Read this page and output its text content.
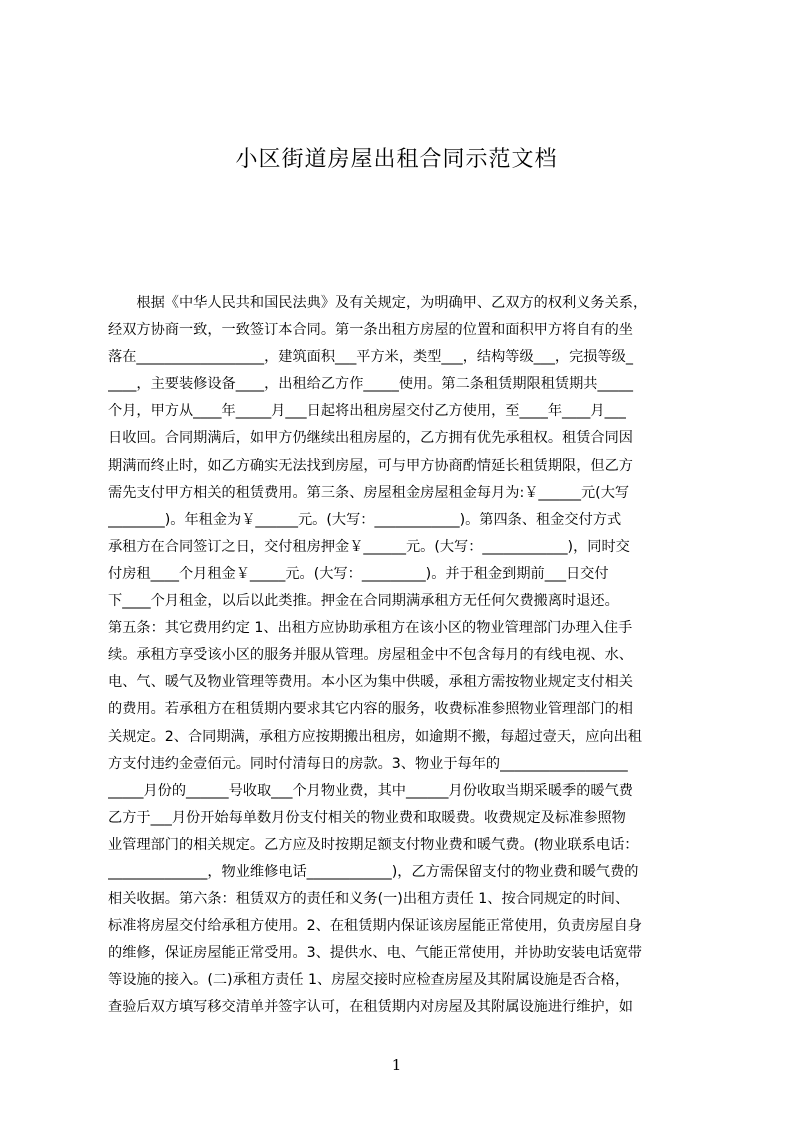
小区街道房屋出租合同示范文档
　　根据《中华人民共和国民法典》及有关规定，为明确甲、乙双方的权利义务关系，
经双方协商一致，一致签订本合同。第一条出租方房屋的位置和面积甲方将自有的坐
落在__________________，建筑面积___平方米，类型___，结构等级___，完损等级_
____，主要装修设备____，出租给乙方作_____使用。第二条租赁期限租赁期共_____
个月，甲方从____年_____月___日起将出租房屋交付乙方使用，至____年____月___
日收回。合同期满后，如甲方仍继续出租房屋的，乙方拥有优先承租权。租赁合同因
期满而终止时，如乙方确实无法找到房屋，可与甲方协商酌情延长租赁期限，但乙方
需先支付甲方相关的租赁费用。第三条、房屋租金房屋租金每月为:￥______元(大写
________)。年租金为￥______元。(大写：____________)。第四条、租金交付方式
承租方在合同签订之日，交付租房押金￥______元。(大写：____________)，同时交
付房租____个月租金￥_____元。(大写：_________)。并于租金到期前___日交付
下____个月租金，以后以此类推。押金在合同期满承租方无任何欠费搬离时退还。
第五条：其它费用约定 1、出租方应协助承租方在该小区的物业管理部门办理入住手
续。承租方享受该小区的服务并服从管理。房屋租金中不包含每月的有线电视、水、
电、气、暖气及物业管理等费用。本小区为集中供暖，承租方需按物业规定支付相关
的费用。若承租方在租赁期内要求其它内容的服务，收费标准参照物业管理部门的相
关规定。2、合同期满，承租方应按期搬出租房，如逾期不搬，每超过壹天，应向出租
方支付违约金壹佰元。同时付清每日的房款。3、物业于每年的__________________
_____月份的______号收取___个月物业费，其中______月份收取当期采暖季的暖气费
乙方于___月份开始每单数月份支付相关的物业费和取暖费。收费规定及标准参照物
业管理部门的相关规定。乙方应及时按期足额支付物业费和暖气费。(物业联系电话：
______________，物业维修电话____________)，乙方需保留支付的物业费和暖气费的
相关收据。第六条：租赁双方的责任和义务(一)出租方责任 1、按合同规定的时间、
标准将房屋交付给承租方使用。2、在租赁期内保证该房屋能正常使用，负责房屋自身
的维修，保证房屋能正常受用。3、提供水、电、气能正常使用，并协助安装电话宽带
等设施的接入。(二)承租方责任 1、房屋交接时应检查房屋及其附属设施是否合格，
查验后双方填写移交清单并签字认可，在租赁期内对房屋及其附属设施进行维护，如
1
